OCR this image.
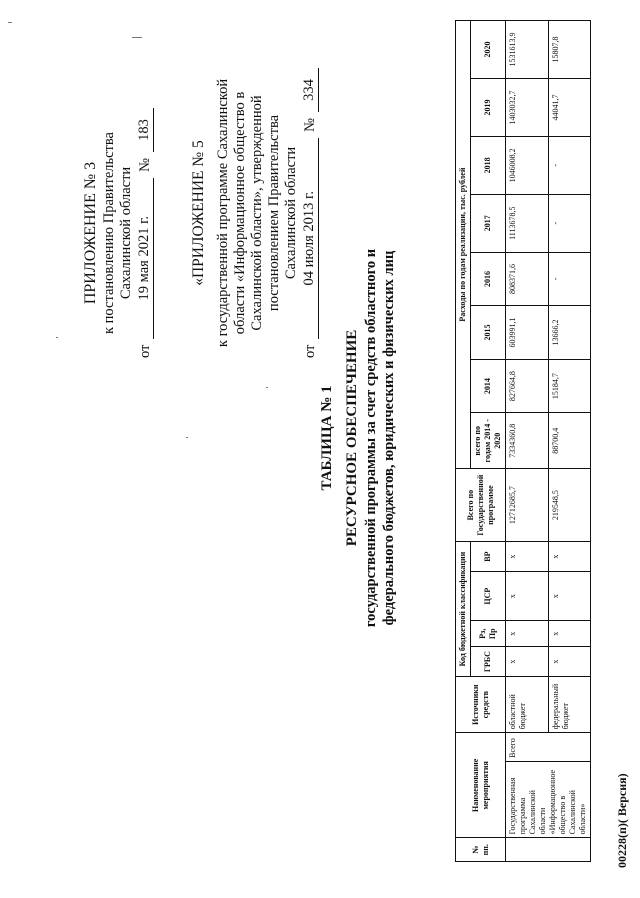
ПРИЛОЖЕНИЕ № 3 к постановлению Правительства Сахалинской области
от
19 мая 2021 г.
№
183
«ПРИЛОЖЕНИЕ № 5 к государственной программе Сахалинской области «Информационное общество в Сахалинской области», утвержденной постановлением Правительства Сахалинской области
от
04 июля 2013 г.
№
334
ТАБЛИЦА № 1 РЕСУРСНОЕ ОБЕСПЕЧЕНИЕ государственной программы за счет средств областного и федерального бюджетов, юридических и физических лиц
№ пп.	Наименование мероприятия		Источники средств	Код бюджетной классификации				Всего по Государственной программе	Расходы по годам реализации, тыс. рублей							
				ГРБС	Рз, Пр	ЦСР	ВР		всего по годам 2014 - 2020	2014	2015	2016	2017	2018	2019	2020
	Государственная программа Сахалинской области «Информационное общество в Сахалинской области»	Всего	областной бюджет	x	x	x	x	12712685,7	7334360,8	827664,8	603991,1	808371,6	1113678,5	1046008,2	1403032,7	1531613,9
			федеральный бюджет	x	x	x	x	219548,5	88700,4	15184,7	13666,2	-	-	-	44041,7	15807,8
00228(п)( Версия)
